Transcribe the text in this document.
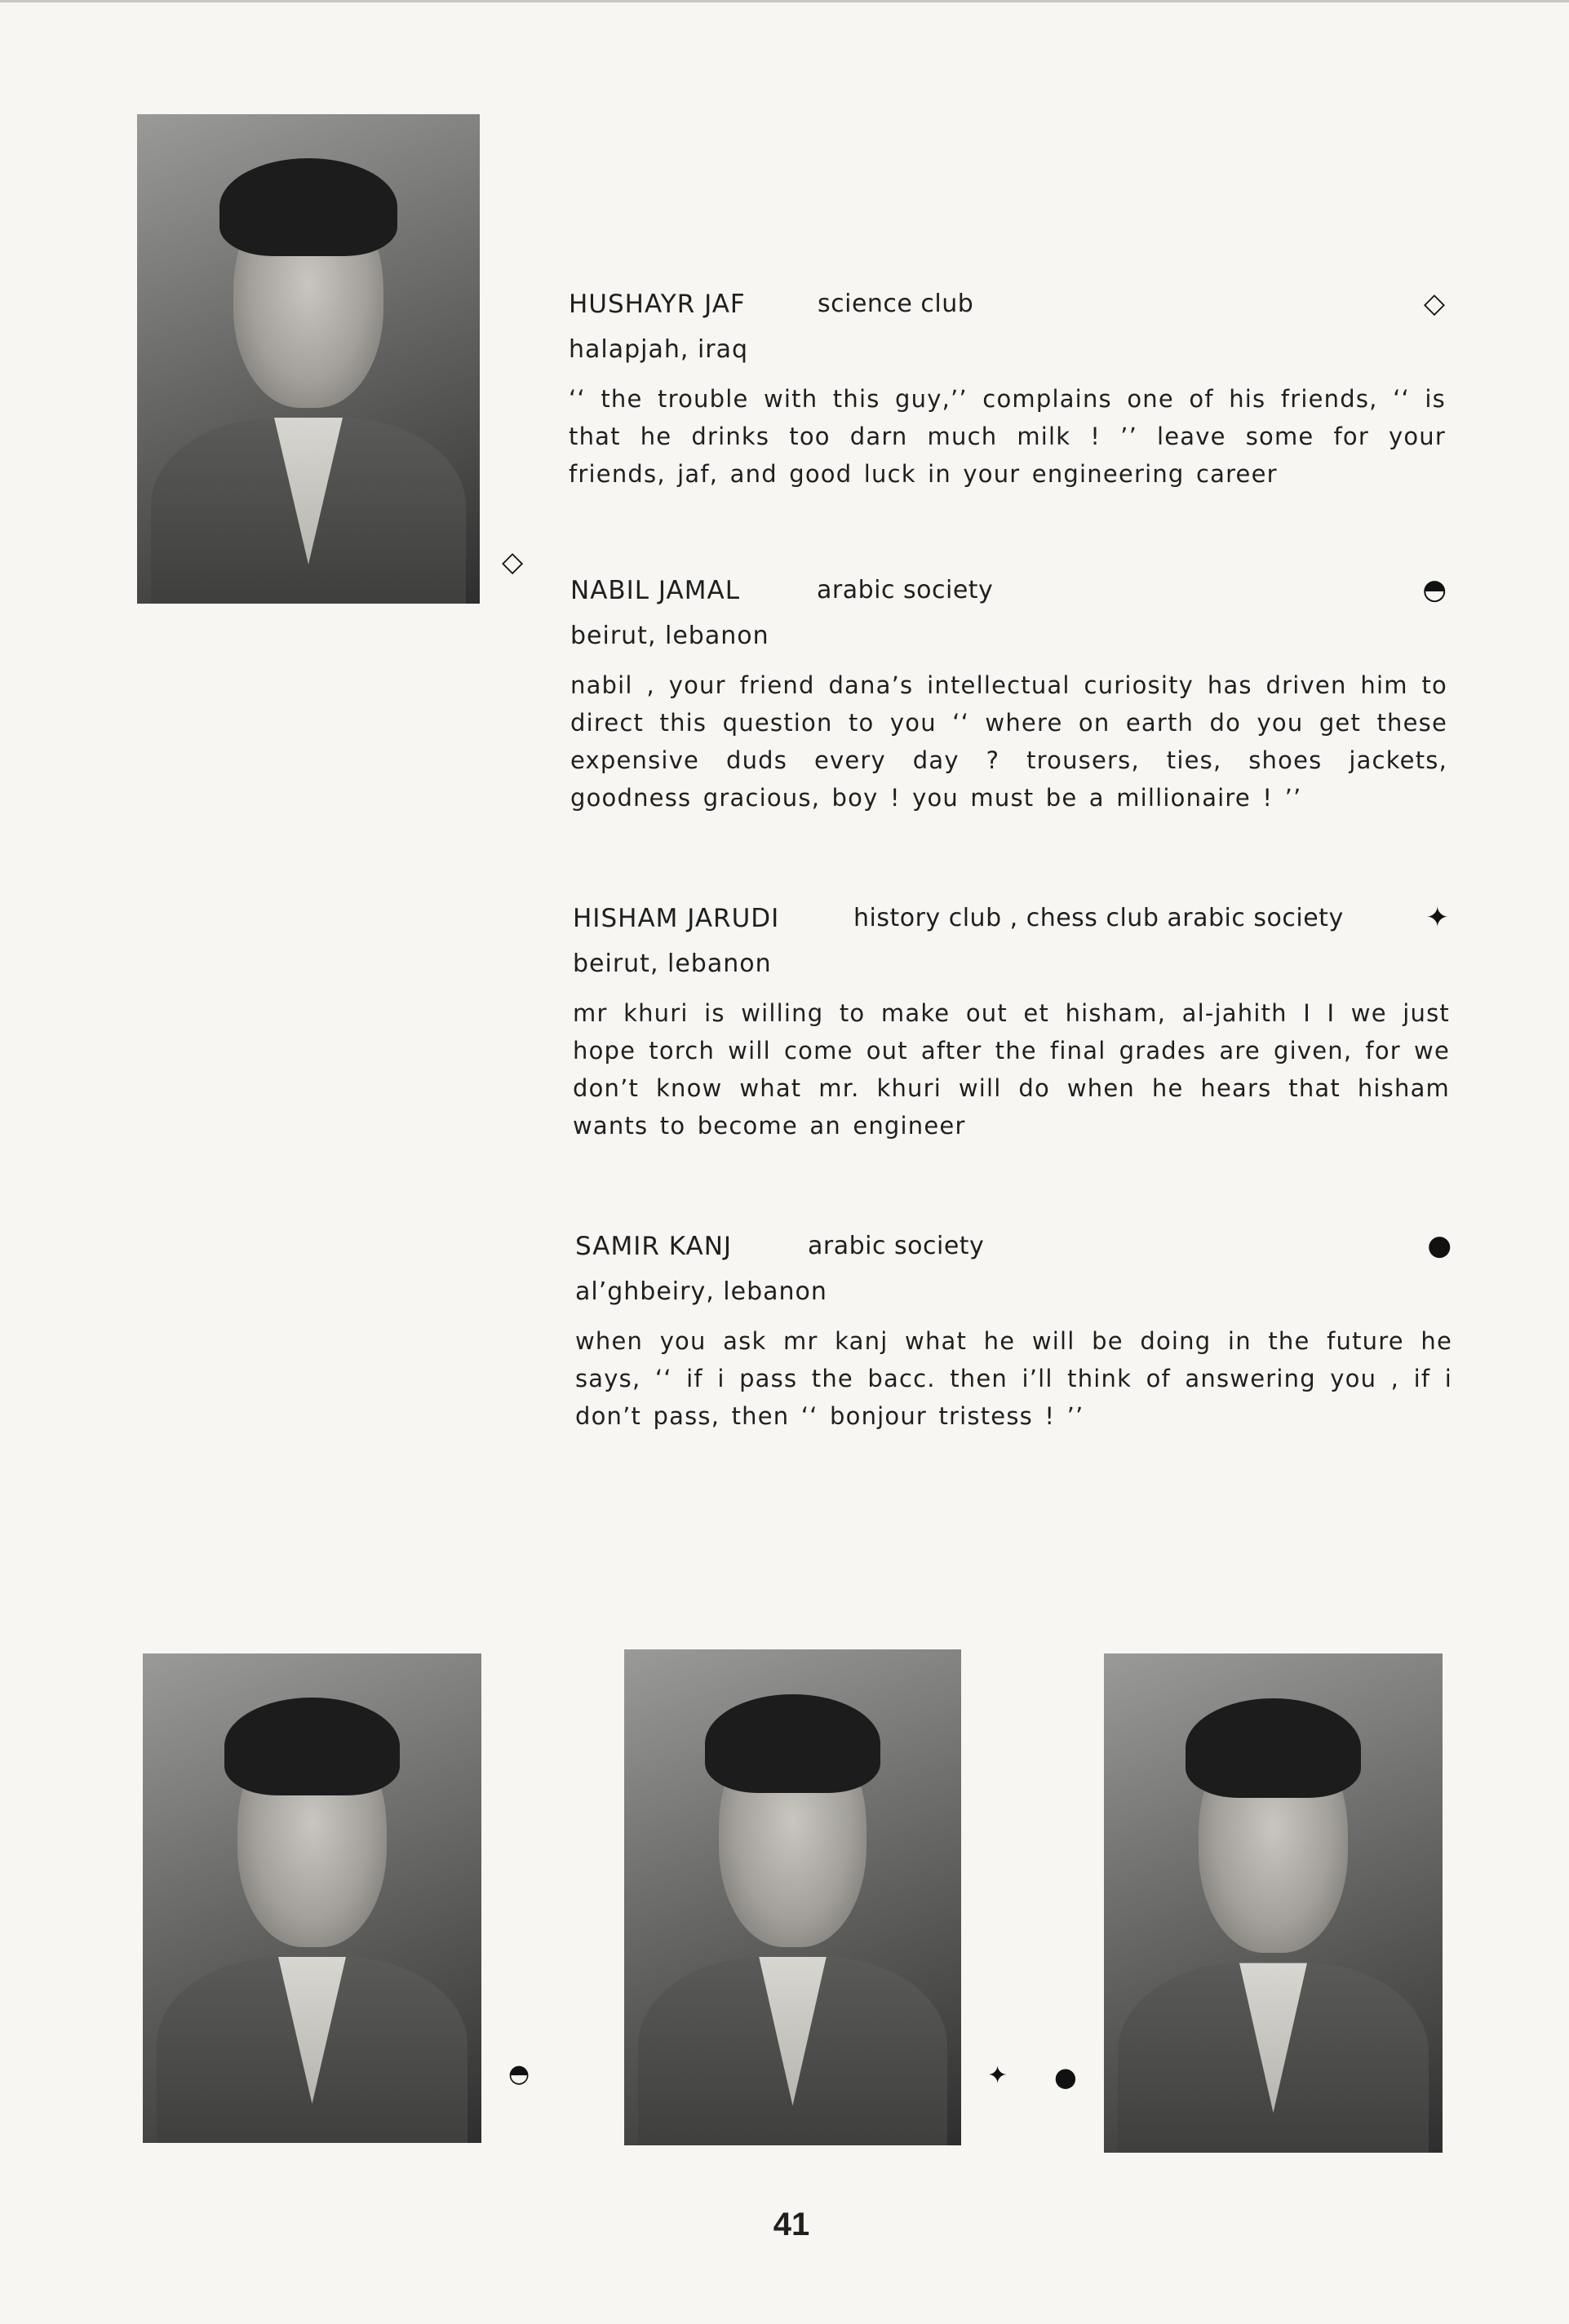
◇
HUSHAYR JAF	science club	◇
halapjah, iraq
‘‘ the trouble with this guy,’’ complains one of his friends, ‘‘ is that he drinks too darn much milk ! ’’ leave some for your friends, jaf, and good luck in your engineering career
NABIL JAMAL	arabic society	◓
beirut, lebanon
nabil , your friend dana’s intellectual curiosity has driven him to direct this question to you ‘‘ where on earth do you get these expensive duds every day ? trousers, ties, shoes jackets, goodness gracious, boy ! you must be a millionaire ! ’’
HISHAM JARUDI	history club , chess club arabic society	✦
beirut, lebanon
mr khuri is willing to make out et hisham, al-jahith I I we just hope torch will come out after the final grades are given, for we don’t know what mr. khuri will do when he hears that hisham wants to become an engineer
SAMIR KANJ	arabic society	●
al’ghbeiry, lebanon
when you ask mr kanj what he will be doing in the future he says, ‘‘ if i pass the bacc. then i’ll think of answering you , if i don’t pass, then ‘‘ bonjour tristess ! ’’
◓	✦ ●
41
